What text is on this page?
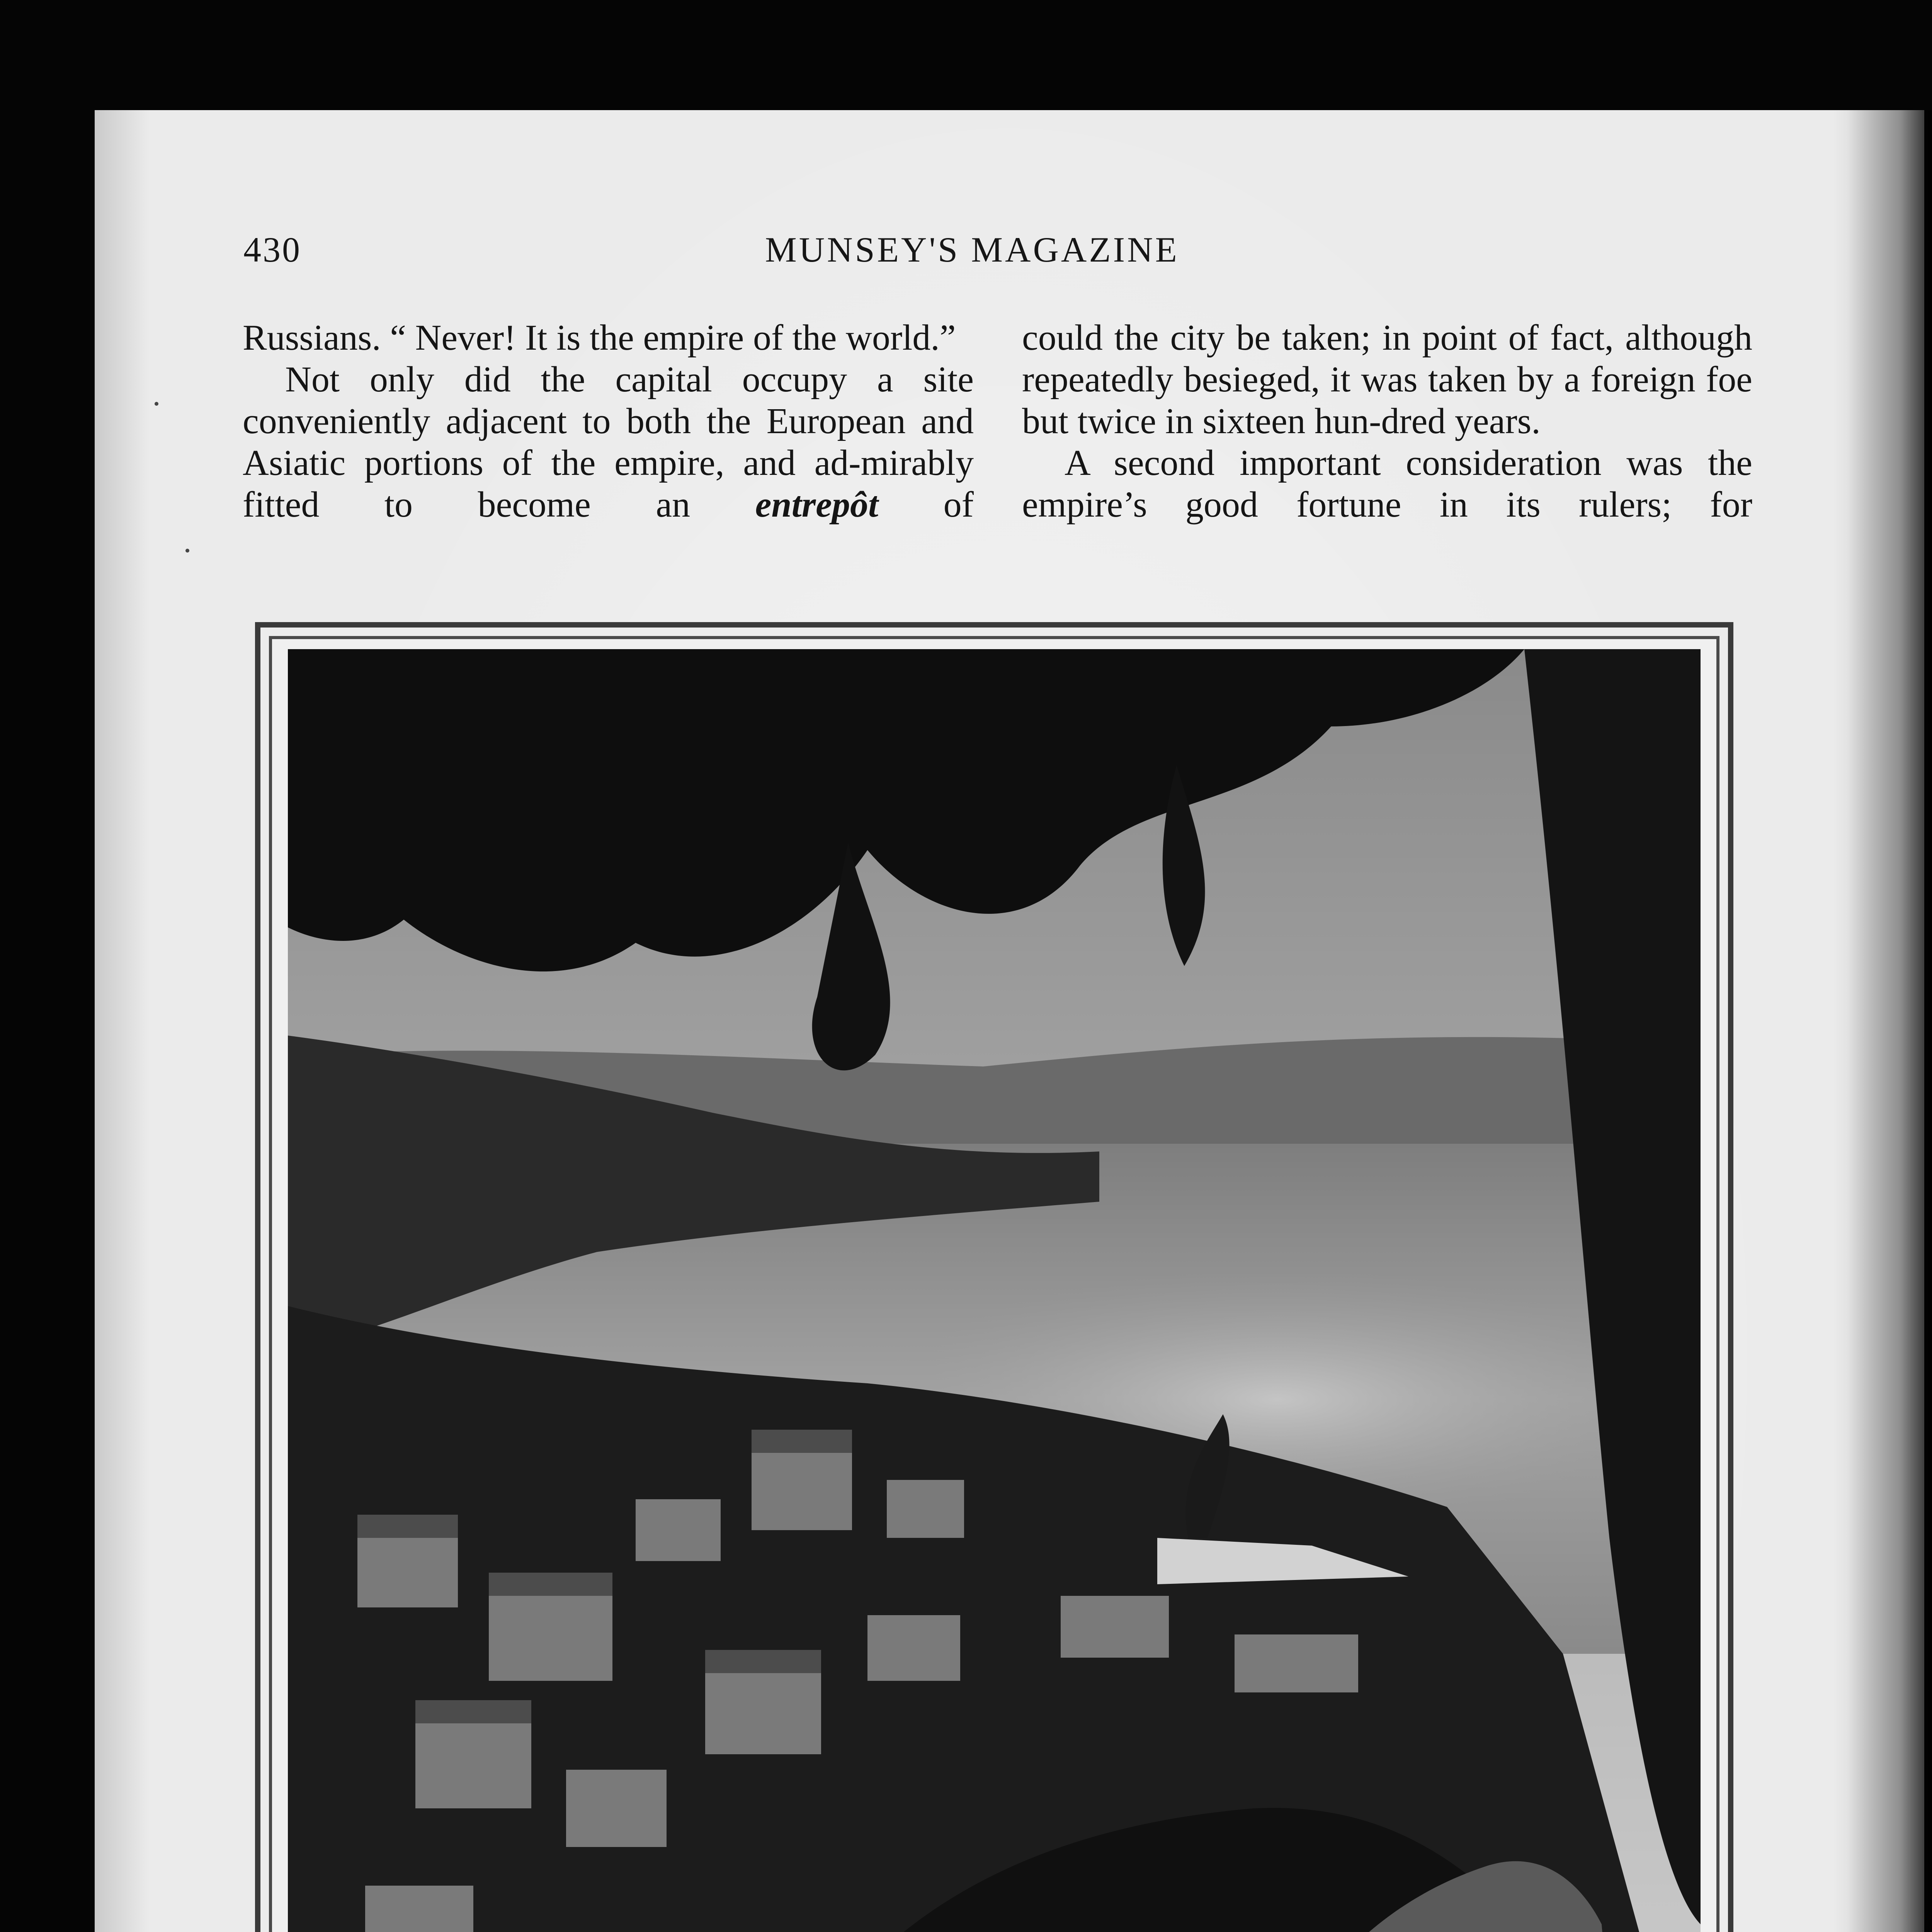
430	MUNSEY'S MAGAZINE

Russians. “ Never! It is the empire of the world.”

Not only did the capital occupy a site conveniently adjacent to both the European and Asiatic portions of the empire, and ad-mirably fitted to become an entrepôt of

could the city be taken; in point of fact, although repeatedly besieged, it was taken by a foreign foe but twice in sixteen hun-dred years.

A second important consideration was the empire’s good fortune in its rulers; for
